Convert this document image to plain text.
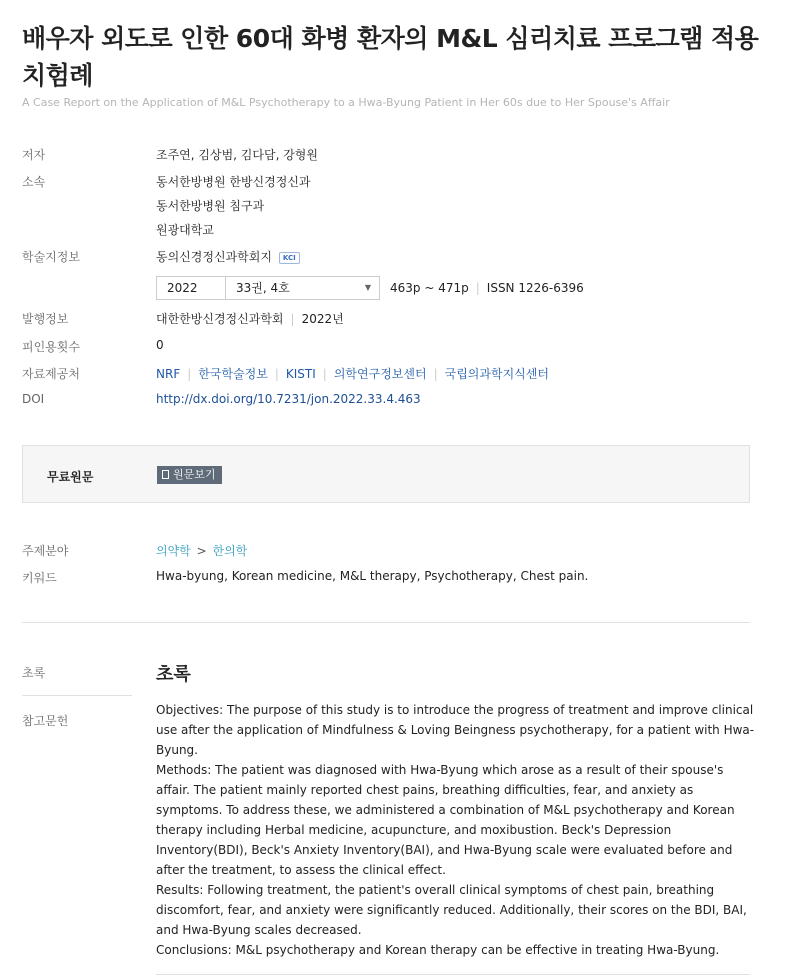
배우자 외도로 인한 60대 화병 환자의 M&L 심리치료 프로그램 적용 치험례
A Case Report on the Application of M&L Psychotherapy to a Hwa-Byung Patient in Her 60s due to Her Spouse's Affair
저자	조주연, 김상범, 김다담, 강형원
소속	동서한방병원 한방신경정신과
동서한방병원 침구과
원광대학교
학술지정보	동의신경정신과학회지 KCI
2022	33권, 4호	▼ 463p ~ 471p | ISSN 1226-6396
발행정보	대한한방신경정신과학회 | 2022년
피인용횟수	0
자료제공처	NRF | 한국학술정보 | KISTI | 의학연구정보센터 | 국립의과학지식센터
DOI	http://dx.doi.org/10.7231/jon.2022.33.4.463
무료원문	원문보기
주제분야	의약학 > 한의학
키워드	Hwa-byung, Korean medicine, M&L therapy, Psychotherapy, Chest pain.
초록
참고문헌
초록

Objectives: The purpose of this study is to introduce the progress of treatment and improve clinical use after the application of Mindfulness & Loving Beingness psychotherapy, for a patient with Hwa-Byung.

Methods: The patient was diagnosed with Hwa-Byung which arose as a result of their spouse's affair. The patient mainly reported chest pains, breathing difficulties, fear, and anxiety as symptoms. To address these, we administered a combination of M&L psychotherapy and Korean therapy including Herbal medicine, acupuncture, and moxibustion. Beck's Depression Inventory(BDI), Beck's Anxiety Inventory(BAI), and Hwa-Byung scale were evaluated before and after the treatment, to assess the clinical effect.

Results: Following treatment, the patient's overall clinical symptoms of chest pain, breathing discomfort, fear, and anxiety were significantly reduced. Additionally, their scores on the BDI, BAI, and Hwa-Byung scales decreased.

Conclusions: M&L psychotherapy and Korean therapy can be effective in treating Hwa-Byung.
